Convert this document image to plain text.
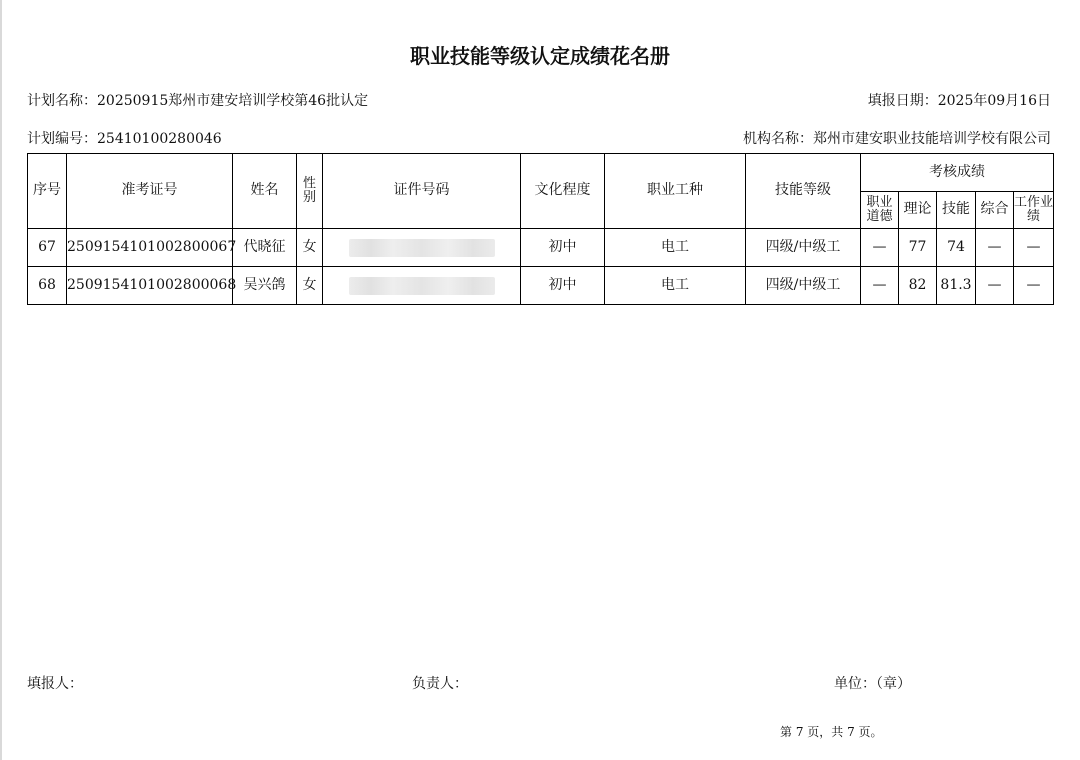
职业技能等级认定成绩花名册
计划名称：20250915郑州市建安培训学校第46批认定	填报日期：2025年09月16日
计划编号：25410100280046	机构名称：郑州市建安职业技能培训学校有限公司
序号	准考证号	姓名	性别	证件号码	文化程度	职业工种	技能等级	考核成绩				
								职业道德	理论	技能	综合	工作业绩
67	2509154101002800067	代晓征	女		初中	电工	四级/中级工	—	77	74	—	—
68	2509154101002800068	吴兴鸽	女		初中	电工	四级/中级工	—	82	81.3	—	—
填报人：	负责人：	单位：（章）
第 7 页，共 7 页。
